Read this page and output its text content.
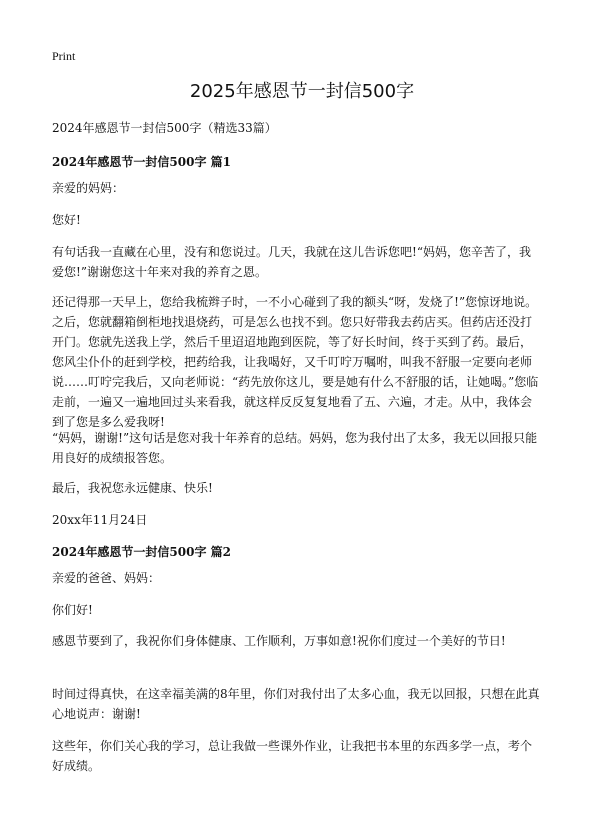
Print
2025年感恩节一封信500字
2024年感恩节一封信500字（精选33篇）
2024年感恩节一封信500字 篇1

亲爱的妈妈：

您好!

有句话我一直藏在心里，没有和您说过。几天，我就在这儿告诉您吧!“妈妈，您辛苦了，我爱您!”谢谢您这十年来对我的养育之恩。

还记得那一天早上，您给我梳辫子时，一不小心碰到了我的额头“呀，发烧了!”您惊讶地说。之后，您就翻箱倒柜地找退烧药，可是怎么也找不到。您只好带我去药店买。但药店还没打开门。您就先送我上学，然后千里迢迢地跑到医院，等了好长时间，终于买到了药。最后，您风尘仆仆的赶到学校，把药给我，让我喝好，又千叮咛万嘱咐，叫我不舒服一定要向老师说……叮咛完我后，又向老师说：“药先放你这儿，要是她有什么不舒服的话，让她喝。”您临走前，一遍又一遍地回过头来看我，就这样反反复复地看了五、六遍，才走。从中，我体会到了您是多么爱我呀!

“妈妈，谢谢!”这句话是您对我十年养育的总结。妈妈，您为我付出了太多，我无以回报只能用良好的成绩报答您。

最后，我祝您永远健康、快乐!

20xx年11月24日

2024年感恩节一封信500字 篇2

亲爱的爸爸、妈妈：

你们好!

感恩节要到了，我祝你们身体健康、工作顺利，万事如意!祝你们度过一个美好的节日!

时间过得真快，在这幸福美满的8年里，你们对我付出了太多心血，我无以回报，只想在此真心地说声：谢谢!

这些年，你们关心我的学习，总让我做一些课外作业，让我把书本里的东西多学一点，考个好成绩。
